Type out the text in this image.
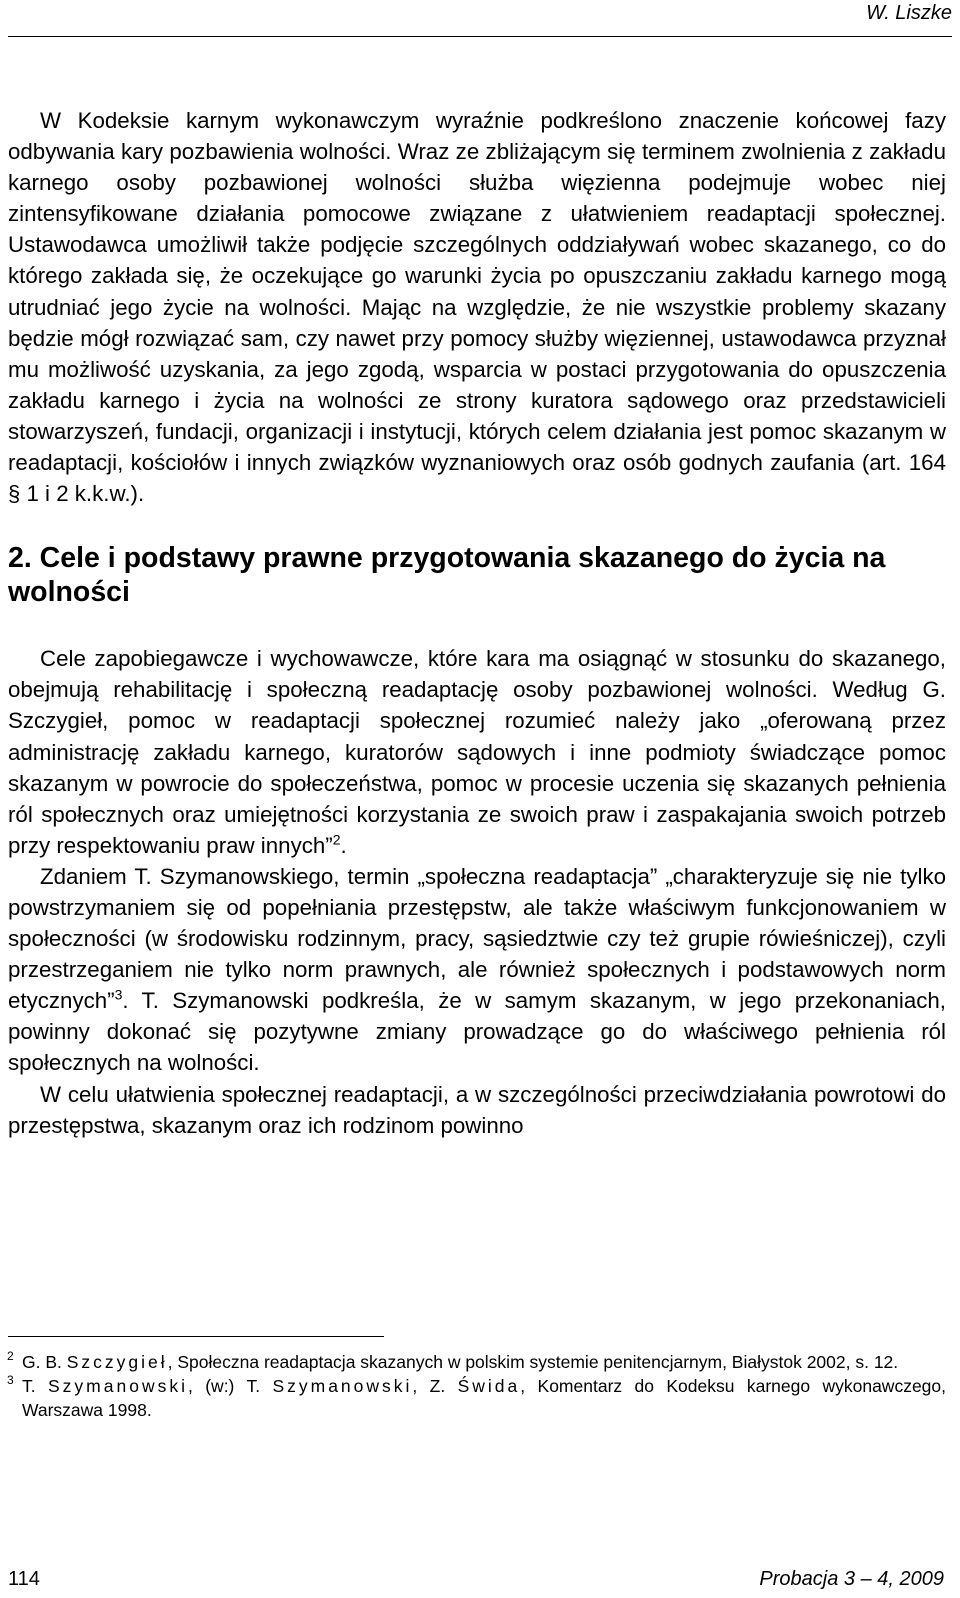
W. Liszke

W Kodeksie karnym wykonawczym wyraźnie podkreślono znaczenie końcowej fazy odbywania kary pozbawienia wolności. Wraz ze zbliżającym się terminem zwolnienia z zakładu karnego osoby pozbawionej wolności służba więzienna podejmuje wobec niej zintensyfikowane działania pomocowe związane z ułatwieniem readaptacji społecznej. Ustawodawca umożliwił także podjęcie szczególnych oddziaływań wobec skazanego, co do którego zakłada się, że oczekujące go warunki życia po opuszczaniu zakładu karnego mogą utrudniać jego życie na wolności. Mając na względzie, że nie wszystkie problemy skazany będzie mógł rozwiązać sam, czy nawet przy pomocy służby więziennej, ustawodawca przyznał mu możliwość uzyskania, za jego zgodą, wsparcia w postaci przygotowania do opuszczenia zakładu karnego i życia na wolności ze strony kuratora sądowego oraz przedstawicieli stowarzyszeń, fundacji, organizacji i instytucji, których celem działania jest pomoc skazanym w readaptacji, kościołów i innych związków wyznaniowych oraz osób godnych zaufania (art. 164 § 1 i 2 k.k.w.).

2. Cele i podstawy prawne przygotowania skazanego do życia na wolności

Cele zapobiegawcze i wychowawcze, które kara ma osiągnąć w stosunku do skazanego, obejmują rehabilitację i społeczną readaptację osoby pozbawionej wolności. Według G. Szczygieł, pomoc w readaptacji społecznej rozumieć należy jako „oferowaną przez administrację zakładu karnego, kuratorów sądowych i inne podmioty świadczące pomoc skazanym w powrocie do społeczeństwa, pomoc w procesie uczenia się skazanych pełnienia ról społecznych oraz umiejętności korzystania ze swoich praw i zaspakajania swoich potrzeb przy respektowaniu praw innych”$^2$.

Zdaniem T. Szymanowskiego, termin „społeczna readaptacja” „charakteryzuje się nie tylko powstrzymaniem się od popełniania przestępstw, ale także właściwym funkcjonowaniem w społeczności (w środowisku rodzinnym, pracy, sąsiedztwie czy też grupie rówieśniczej), czyli przestrzeganiem nie tylko norm prawnych, ale również społecznych i podstawowych norm etycznych”$^3$. T. Szymanowski podkreśla, że w samym skazanym, w jego przekonaniach, powinny dokonać się pozytywne zmiany prowadzące go do właściwego pełnienia ról społecznych na wolności.

W celu ułatwienia społecznej readaptacji, a w szczególności przeciwdziałania powrotowi do przestępstwa, skazanym oraz ich rodzinom powinno

2 G. B. Szczygieł, Społeczna readaptacja skazanych w polskim systemie penitencjarnym, Białystok 2002, s. 12.

3 T. Szymanowski, (w:) T. Szymanowski, Z. Świda, Komentarz do Kodeksu karnego wykonawczego, Warszawa 1998.

114	Probacja 3 – 4, 2009
